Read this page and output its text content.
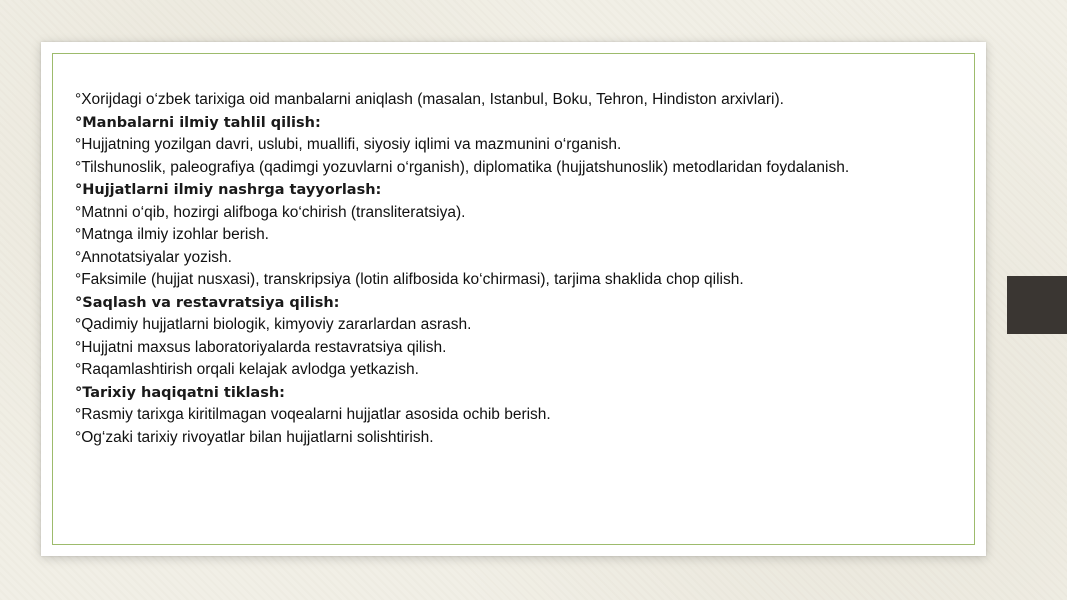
°Xorijdagi o‘zbek tarixiga oid manbalarni aniqlash (masalan, Istanbul, Boku, Tehron, Hindiston arxivlari).
°Manbalarni ilmiy tahlil qilish:
°Hujjatning yozilgan davri, uslubi, muallifi, siyosiy iqlimi va mazmunini o‘rganish.
°Tilshunoslik, paleografiya (qadimgi yozuvlarni o‘rganish), diplomatika (hujjatshunoslik) metodlaridan foydalanish.
°Hujjatlarni ilmiy nashrga tayyorlash:
°Matnni o‘qib, hozirgi alifboga ko‘chirish (transliteratsiya).
°Matnga ilmiy izohlar berish.
°Annotatsiyalar yozish.
°Faksimile (hujjat nusxasi), transkripsiya (lotin alifbosida ko‘chirmasi), tarjima shaklida chop qilish.
°Saqlash va restavratsiya qilish:
°Qadimiy hujjatlarni biologik, kimyoviy zararlardan asrash.
°Hujjatni maxsus laboratoriyalarda restavratsiya qilish.
°Raqamlashtirish orqali kelajak avlodga yetkazish.
°Tarixiy haqiqatni tiklash:
°Rasmiy tarixga kiritilmagan voqealarni hujjatlar asosida ochib berish.
°Og‘zaki tarixiy rivoyatlar bilan hujjatlarni solishtirish.
